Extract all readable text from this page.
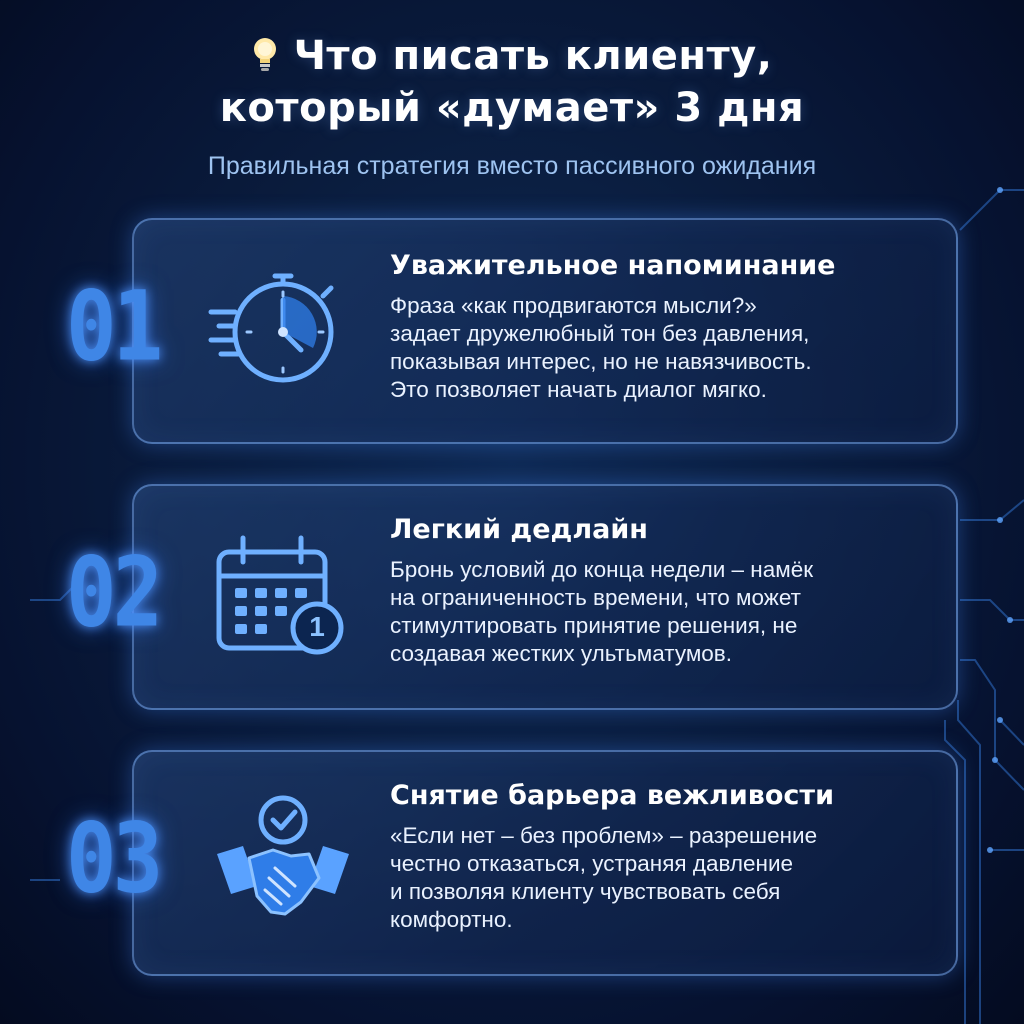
Что писать клиенту,
который «думает» 3 дня
Правильная стратегия вместо пассивного ожидания
01
Уважительное напоминание
Фраза «как продвигаются мысли?»
задает дружелюбный тон без давления,
показывая интерес, но не навязчивость.
Это позволяет начать диалог мягко.
02	1
Легкий дедлайн
Бронь условий до конца недели – намёк
на ограниченность времени, что может
стимултировать принятие решения, не
создавая жестких ультьматумов.
03
Снятие барьера вежливости
«Если нет – без проблем» – разрешение
честно отказаться, устраняя давление
и позволяя клиенту чувствовать себя
комфортно.
